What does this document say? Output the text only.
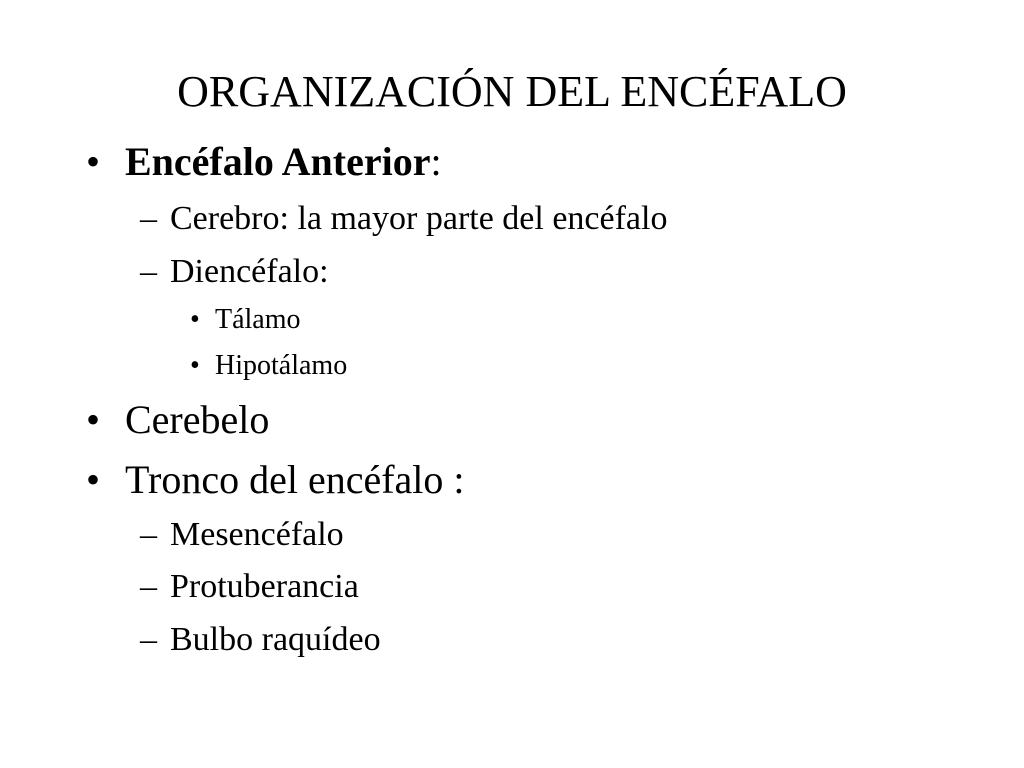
ORGANIZACIÓN DEL ENCÉFALO
• Encéfalo Anterior:
– Cerebro: la mayor parte del encéfalo
– Diencéfalo:
• Tálamo
• Hipotálamo
• Cerebelo
• Tronco del encéfalo :
– Mesencéfalo
– Protuberancia
– Bulbo raquídeo
